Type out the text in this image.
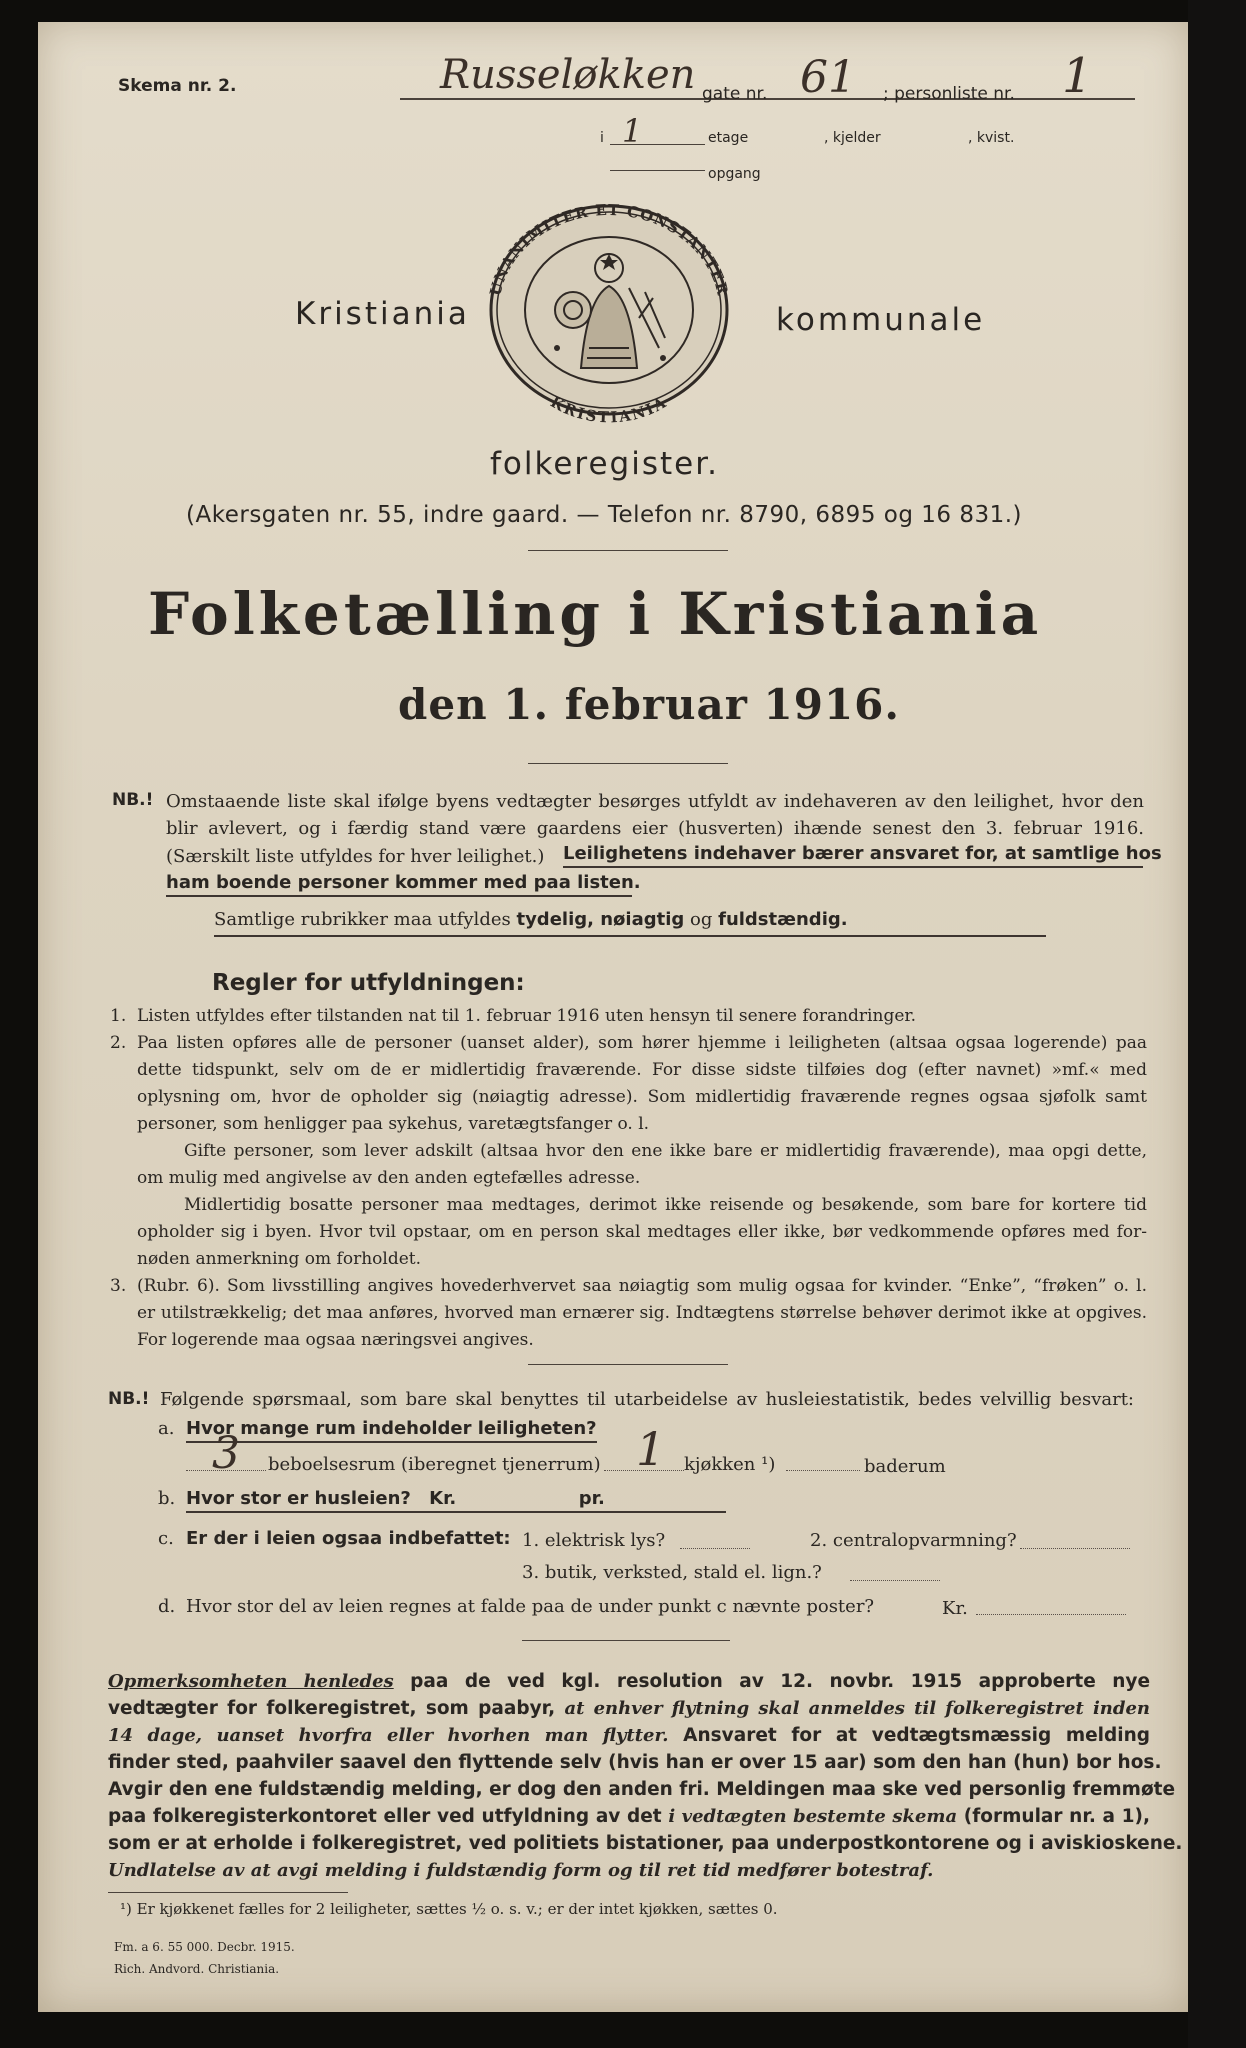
Skema nr. 2.	Russeløkken gate nr. 61 ; personliste nr. 1
i 1	etage	, kjelder	, kvist.
opgang
Kristiania	kommunale
UNANIMITER ET CONSTANTER
KRISTIANIA
folkeregister.
(Akersgaten nr. 55, indre gaard. — Telefon nr. 8790, 6895 og 16 831.)
Folketælling i Kristiania
den 1. februar 1916.
NB.! Omstaaende liste skal ifølge byens vedtægter besørges utfyldt av indehaveren av den leilighet, hvor den
blir avlevert, og i færdig stand være gaardens eier (husverten) ihænde senest den 3. februar 1916.
(Særskilt liste utfyldes for hver leilighet.) Leilighetens indehaver bærer ansvaret for, at samtlige hos
ham boende personer kommer med paa listen.
Samtlige rubrikker maa utfyldes tydelig, nøiagtig og fuldstændig.
Regler for utfyldningen:
1. Listen utfyldes efter tilstanden nat til 1. februar 1916 uten hensyn til senere forandringer.
2. Paa listen opføres alle de personer (uanset alder), som hører hjemme i leiligheten (altsaa ogsaa logerende) paa
dette tidspunkt, selv om de er midlertidig fraværende. For disse sidste tilføies dog (efter navnet) »mf.« med
oplysning om, hvor de opholder sig (nøiagtig adresse). Som midlertidig fraværende regnes ogsaa sjøfolk samt
personer, som henligger paa sykehus, varetægtsfanger o. l.
Gifte personer, som lever adskilt (altsaa hvor den ene ikke bare er midlertidig fraværende), maa opgi dette,
om mulig med angivelse av den anden egtefælles adresse.
Midlertidig bosatte personer maa medtages, derimot ikke reisende og besøkende, som bare for kortere tid
opholder sig i byen. Hvor tvil opstaar, om en person skal medtages eller ikke, bør vedkommende opføres med for-
nøden anmerkning om forholdet.
3. (Rubr. 6). Som livsstilling angives hovederhvervet saa nøiagtig som mulig ogsaa for kvinder. “Enke”, “frøken” o. l.
er utilstrækkelig; det maa anføres, hvorved man ernærer sig. Indtægtens størrelse behøver derimot ikke at opgives.
For logerende maa ogsaa næringsvei angives.
NB.! Følgende spørsmaal, som bare skal benyttes til utarbeidelse av husleiestatistik, bedes velvillig besvart:
a. Hvor mange rum indeholder leiligheten?
3 beboelsesrum (iberegnet tjenerrum) 1 kjøkken ¹)	baderum
b. Hvor stor er husleien? Kr.	pr.
c. Er der i leien ogsaa indbefattet: 1. elektrisk lys?	2. centralopvarmning?
3. butik, verksted, stald el. lign.?
d. Hvor stor del av leien regnes at falde paa de under punkt c nævnte poster?	Kr.
Opmerksomheten henledes paa de ved kgl. resolution av 12. novbr. 1915 approberte nye
vedtægter for folkeregistret, som paabyr, at enhver flytning skal anmeldes til folkeregistret inden
14 dage, uanset hvorfra eller hvorhen man flytter. Ansvaret for at vedtægtsmæssig melding
finder sted, paahviler saavel den flyttende selv (hvis han er over 15 aar) som den han (hun) bor hos.
Avgir den ene fuldstændig melding, er dog den anden fri. Meldingen maa ske ved personlig fremmøte
paa folkeregisterkontoret eller ved utfyldning av det i vedtægten bestemte skema (formular nr. a 1),
som er at erholde i folkeregistret, ved politiets bistationer, paa underpostkontorene og i aviskioskene.
Undlatelse av at avgi melding i fuldstændig form og til ret tid medfører botestraf.
¹) Er kjøkkenet fælles for 2 leiligheter, sættes ½ o. s. v.; er der intet kjøkken, sættes 0.
Fm. a 6. 55 000. Decbr. 1915.
Rich. Andvord. Christiania.
